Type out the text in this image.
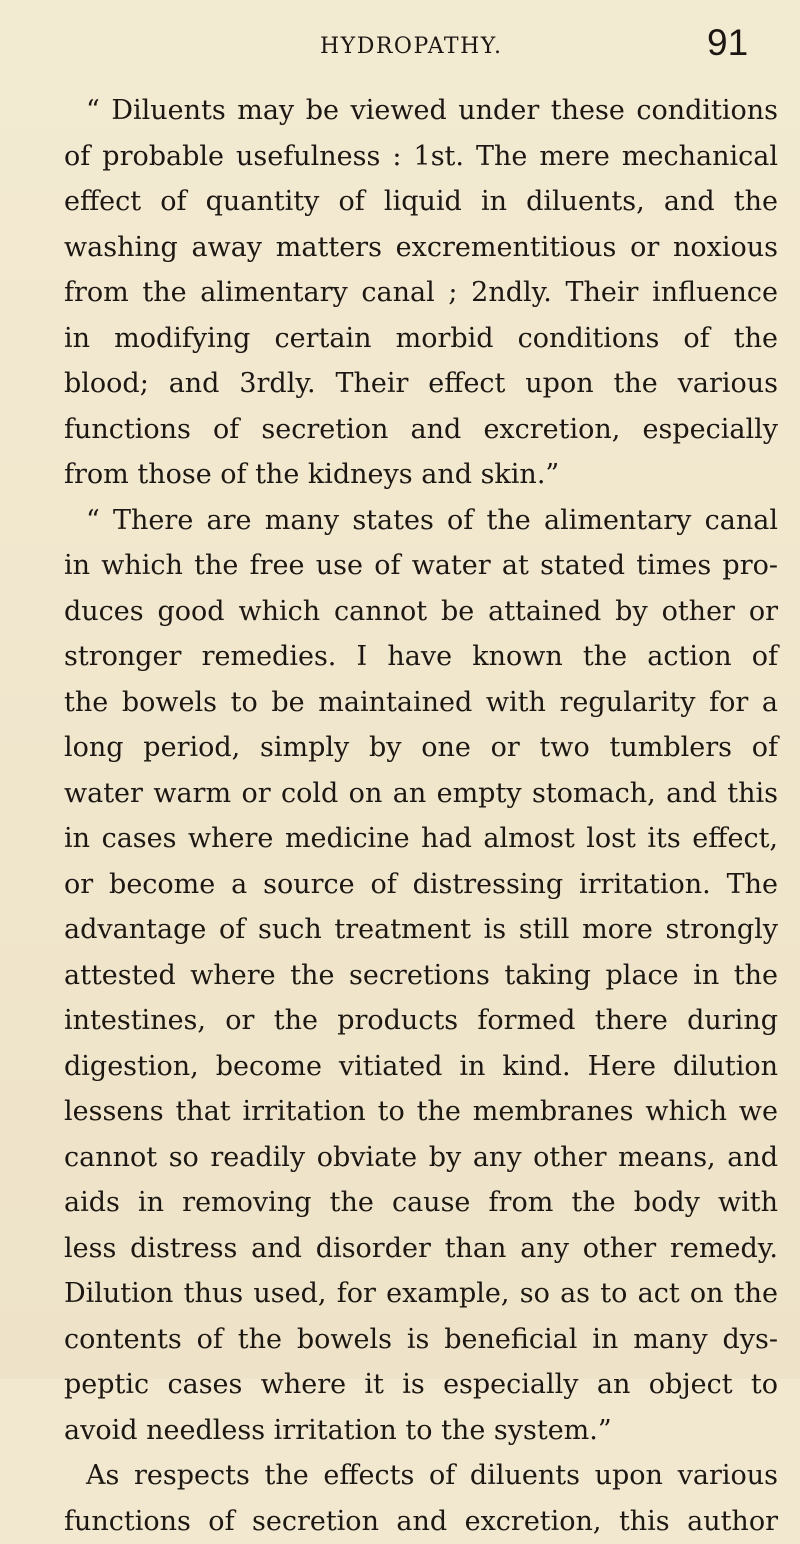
HYDROPATHY.	91
“ Diluents may be viewed under these conditions
of probable usefulness : 1st. The mere mechanical
effect of quantity of liquid in diluents, and the
washing away matters excrementitious or noxious
from the alimentary canal ; 2ndly. Their influence
in modifying certain morbid conditions of the
blood; and 3rdly. Their effect upon the various
functions of secretion and excretion, especially
from those of the kidneys and skin.”
“ There are many states of the alimentary canal
in which the free use of water at stated times pro-
duces good which cannot be attained by other or
stronger remedies. I have known the action of
the bowels to be maintained with regularity for a
long period, simply by one or two tumblers of
water warm or cold on an empty stomach, and this
in cases where medicine had almost lost its effect,
or become a source of distressing irritation. The
advantage of such treatment is still more strongly
attested where the secretions taking place in the
intestines, or the products formed there during
digestion, become vitiated in kind. Here dilution
lessens that irritation to the membranes which we
cannot so readily obviate by any other means, and
aids in removing the cause from the body with
less distress and disorder than any other remedy.
Dilution thus used, for example, so as to act on the
contents of the bowels is beneficial in many dys-
peptic cases where it is especially an object to
avoid needless irritation to the system.”
As respects the effects of diluents upon various
functions of secretion and excretion, this author
